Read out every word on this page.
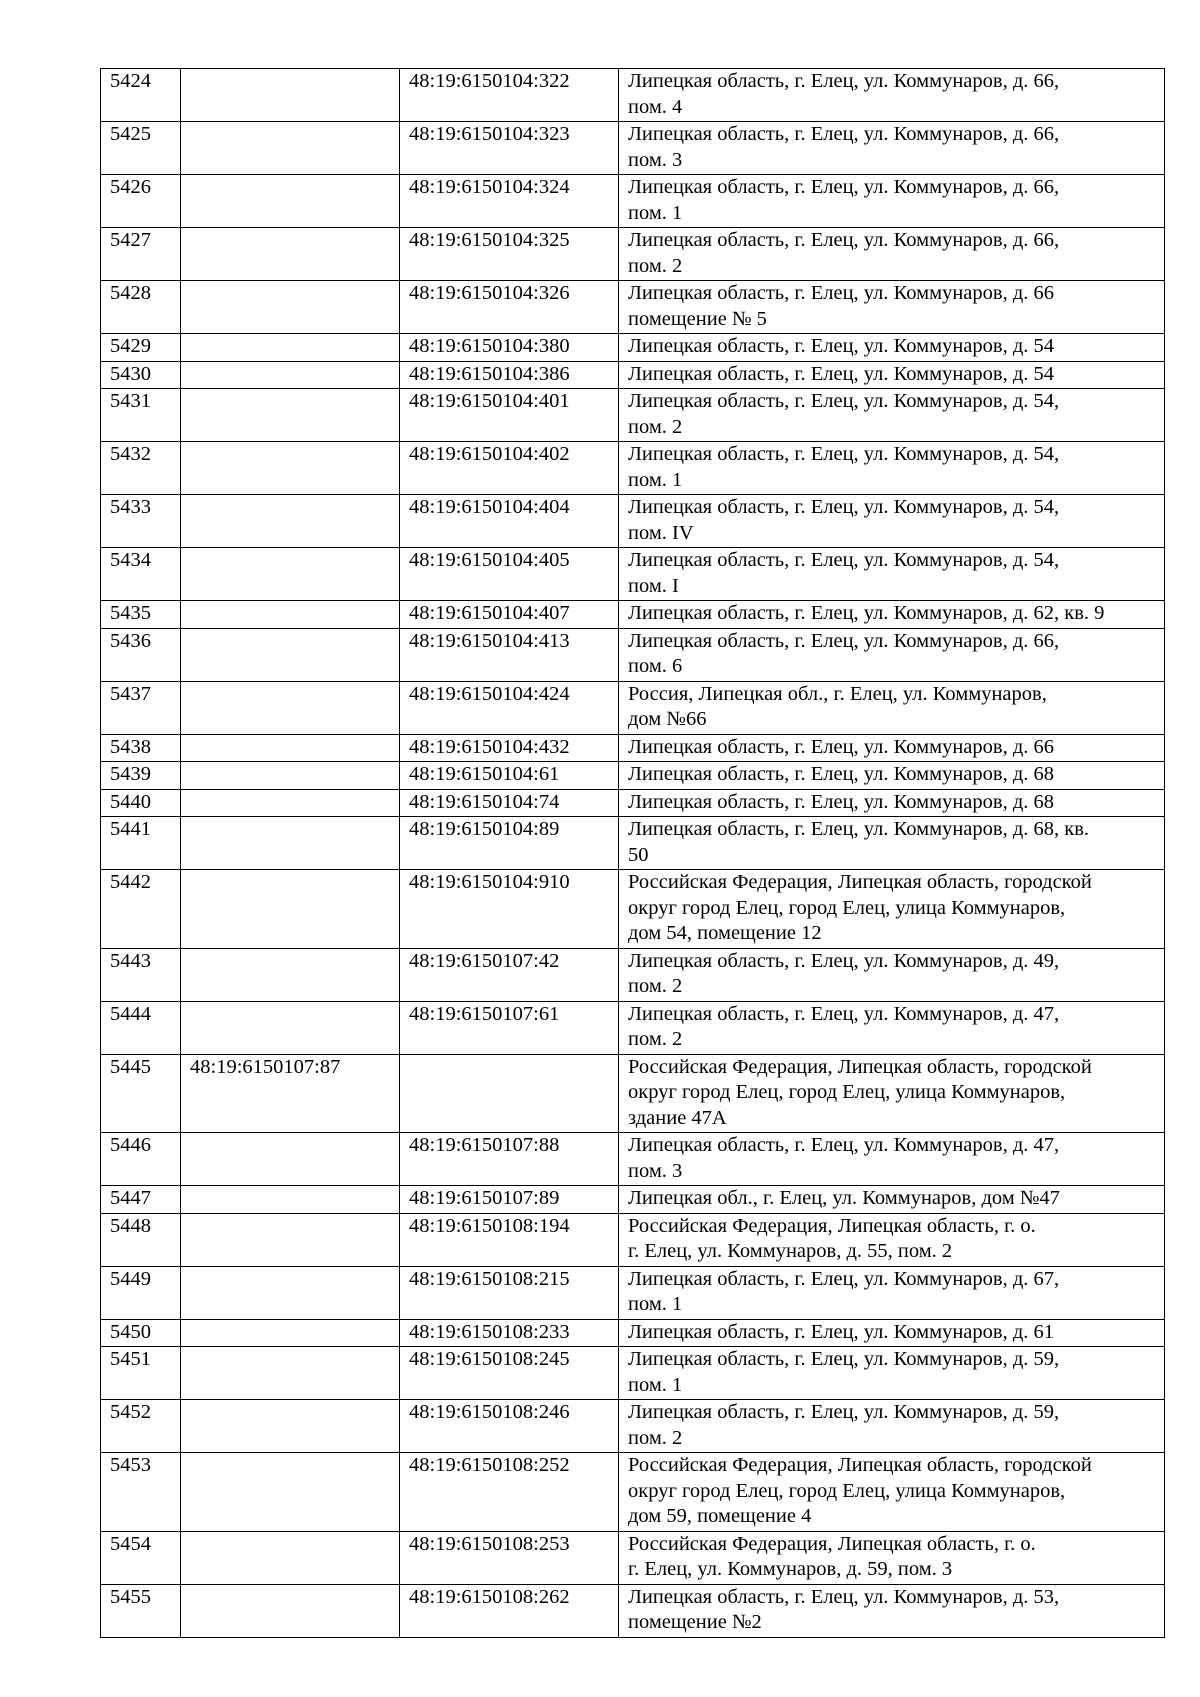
5424		48:19:6150104:322	Липецкая область, г. Елец, ул. Коммунаров, д. 66,
пом. 4
5425		48:19:6150104:323	Липецкая область, г. Елец, ул. Коммунаров, д. 66,
пом. 3
5426		48:19:6150104:324	Липецкая область, г. Елец, ул. Коммунаров, д. 66,
пом. 1
5427		48:19:6150104:325	Липецкая область, г. Елец, ул. Коммунаров, д. 66,
пом. 2
5428		48:19:6150104:326	Липецкая область, г. Елец, ул. Коммунаров, д. 66
помещение № 5
5429		48:19:6150104:380	Липецкая область, г. Елец, ул. Коммунаров, д. 54
5430		48:19:6150104:386	Липецкая область, г. Елец, ул. Коммунаров, д. 54
5431		48:19:6150104:401	Липецкая область, г. Елец, ул. Коммунаров, д. 54,
пом. 2
5432		48:19:6150104:402	Липецкая область, г. Елец, ул. Коммунаров, д. 54,
пом. 1
5433		48:19:6150104:404	Липецкая область, г. Елец, ул. Коммунаров, д. 54,
пом. IV
5434		48:19:6150104:405	Липецкая область, г. Елец, ул. Коммунаров, д. 54,
пом. I
5435		48:19:6150104:407	Липецкая область, г. Елец, ул. Коммунаров, д. 62, кв. 9
5436		48:19:6150104:413	Липецкая область, г. Елец, ул. Коммунаров, д. 66,
пом. 6
5437		48:19:6150104:424	Россия, Липецкая обл., г. Елец, ул. Коммунаров,
дом №66
5438		48:19:6150104:432	Липецкая область, г. Елец, ул. Коммунаров, д. 66
5439		48:19:6150104:61	Липецкая область, г. Елец, ул. Коммунаров, д. 68
5440		48:19:6150104:74	Липецкая область, г. Елец, ул. Коммунаров, д. 68
5441		48:19:6150104:89	Липецкая область, г. Елец, ул. Коммунаров, д. 68, кв.
50
5442		48:19:6150104:910	Российская Федерация, Липецкая область, городской
округ город Елец, город Елец, улица Коммунаров,
дом 54, помещение 12
5443		48:19:6150107:42	Липецкая область, г. Елец, ул. Коммунаров, д. 49,
пом. 2
5444		48:19:6150107:61	Липецкая область, г. Елец, ул. Коммунаров, д. 47,
пом. 2
5445	48:19:6150107:87		Российская Федерация, Липецкая область, городской
округ город Елец, город Елец, улица Коммунаров,
здание 47А
5446		48:19:6150107:88	Липецкая область, г. Елец, ул. Коммунаров, д. 47,
пом. 3
5447		48:19:6150107:89	Липецкая обл., г. Елец, ул. Коммунаров, дом №47
5448		48:19:6150108:194	Российская Федерация, Липецкая область, г. о.
г. Елец, ул. Коммунаров, д. 55, пом. 2
5449		48:19:6150108:215	Липецкая область, г. Елец, ул. Коммунаров, д. 67,
пом. 1
5450		48:19:6150108:233	Липецкая область, г. Елец, ул. Коммунаров, д. 61
5451		48:19:6150108:245	Липецкая область, г. Елец, ул. Коммунаров, д. 59,
пом. 1
5452		48:19:6150108:246	Липецкая область, г. Елец, ул. Коммунаров, д. 59,
пом. 2
5453		48:19:6150108:252	Российская Федерация, Липецкая область, городской
округ город Елец, город Елец, улица Коммунаров,
дом 59, помещение 4
5454		48:19:6150108:253	Российская Федерация, Липецкая область, г. о.
г. Елец, ул. Коммунаров, д. 59, пом. 3
5455		48:19:6150108:262	Липецкая область, г. Елец, ул. Коммунаров, д. 53,
помещение №2
